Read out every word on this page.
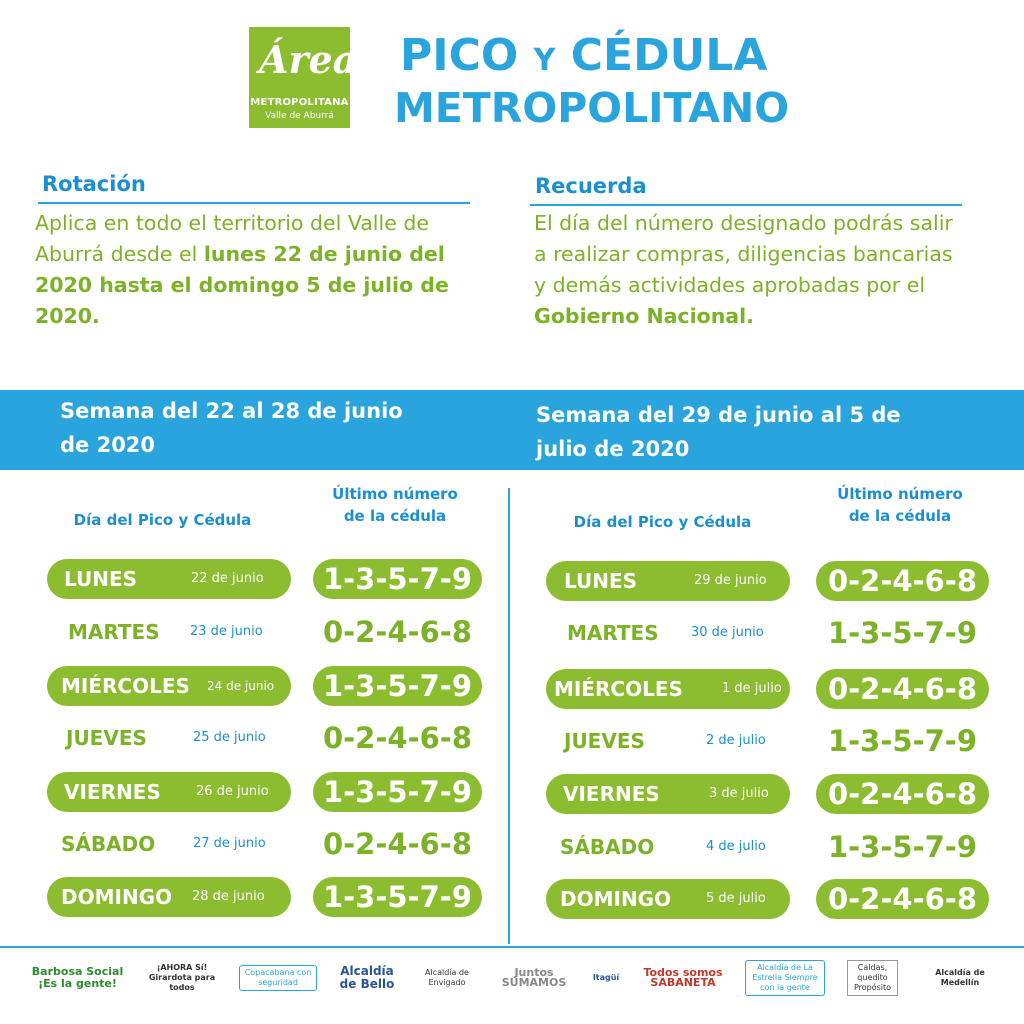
Área
METROPOLITANA
Valle de Aburrá
PICO Y CÉDULA
METROPOLITANO
Rotación
Aplica en todo el territorio del Valle de Aburrá desde el lunes 22 de junio del 2020 hasta el domingo 5 de julio de 2020.
Recuerda
El día del número designado podrás salir a realizar compras, diligencias bancarias y demás actividades aprobadas por el Gobierno Nacional.
Semana del 22 al 28 de junio de 2020
Semana del 29 de junio al 5 de julio de 2020
Día del Pico y Cédula
Último número de la cédula	Día del Pico y Cédula
Último número de la cédula
LUNES	22 de junio	1-3-5-7-9
MARTES 23 de junio	0-2-4-6-8
MIÉRCOLES 24 de junio	1-3-5-7-9
JUEVES	25 de junio	0-2-4-6-8
VIERNES	26 de junio	1-3-5-7-9
SÁBADO	27 de junio	0-2-4-6-8
DOMINGO 28 de junio	1-3-5-7-9
LUNES	29 de junio	0-2-4-6-8
MARTES 30 de junio	1-3-5-7-9
MIÉRCOLES	1 de julio	0-2-4-6-8
JUEVES	2 de julio	1-3-5-7-9
VIERNES	3 de julio	0-2-4-6-8
SÁBADO	4 de julio	1-3-5-7-9
DOMINGO	5 de julio	0-2-4-6-8
Barbosa Social ¡Es la gente!
¡AHORA Sí! Girardota para todos
Copacabana con seguridad
Alcaldía de Bello
Alcaldía de Envigado
Juntos SUMAMOS	Itagüí Todos somos SABANETA
Alcaldía de La Estrella Siempre con la gente
Caldas, quedito Propósito
Alcaldía de Medellín
